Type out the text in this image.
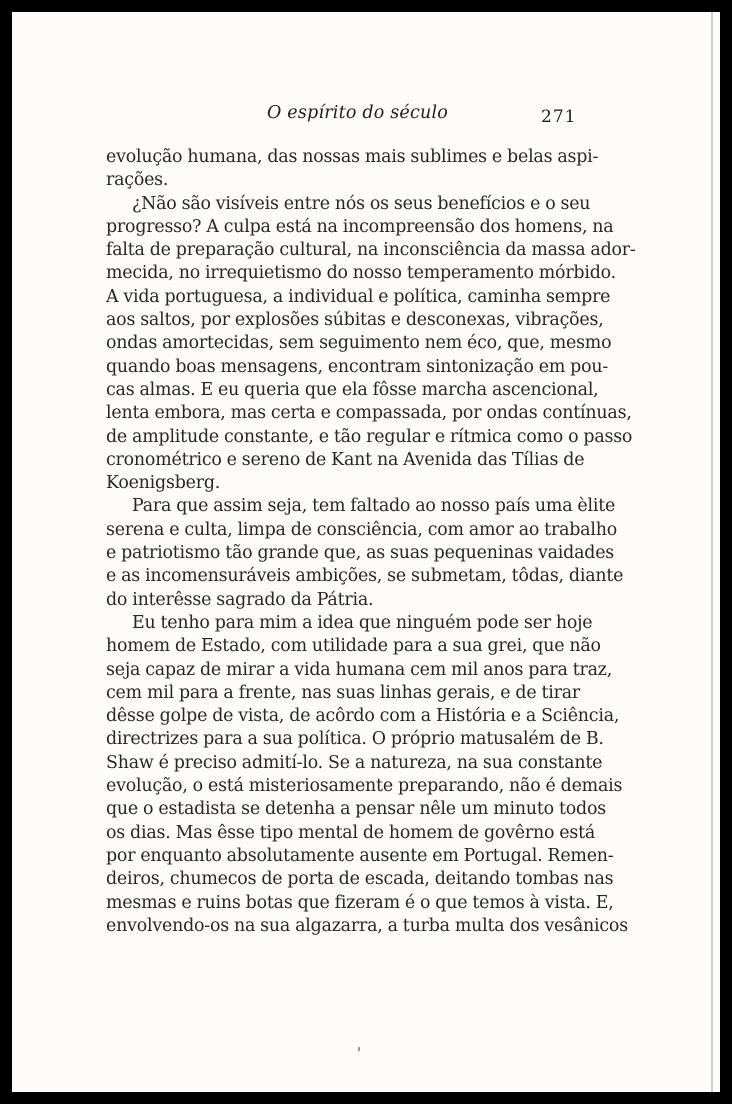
O espírito do século	271
evolução humana, das nossas mais sublimes e belas aspi-
rações.
¿Não são visíveis entre nós os seus benefícios e o seu
progresso? A culpa está na incompreensão dos homens, na
falta de preparação cultural, na inconsciência da massa ador-
mecida, no irrequietismo do nosso temperamento mórbido.
A vida portuguesa, a individual e política, caminha sempre
aos saltos, por explosões súbitas e desconexas, vibrações,
ondas amortecidas, sem seguimento nem éco, que, mesmo
quando boas mensagens, encontram sintonização em pou-
cas almas. E eu queria que ela fôsse marcha ascencional,
lenta embora, mas certa e compassada, por ondas contínuas,
de amplitude constante, e tão regular e rítmica como o passo
cronométrico e sereno de Kant na Avenida das Tílias de
Koenigsberg.
Para que assim seja, tem faltado ao nosso país uma èlite
serena e culta, limpa de consciência, com amor ao trabalho
e patriotismo tão grande que, as suas pequeninas vaidades
e as incomensuráveis ambições, se submetam, tôdas, diante
do interêsse sagrado da Pátria.
Eu tenho para mim a idea que ninguém pode ser hoje
homem de Estado, com utilidade para a sua grei, que não
seja capaz de mirar a vida humana cem mil anos para traz,
cem mil para a frente, nas suas linhas gerais, e de tirar
dêsse golpe de vista, de acôrdo com a História e a Sciência,
directrizes para a sua política. O próprio matusalém de B.
Shaw é preciso admití-lo. Se a natureza, na sua constante
evolução, o está misteriosamente preparando, não é demais
que o estadista se detenha a pensar nêle um minuto todos
os dias. Mas êsse tipo mental de homem de govêrno está
por enquanto absolutamente ausente em Portugal. Remen-
deiros, chumecos de porta de escada, deitando tombas nas
mesmas e ruins botas que fizeram é o que temos à vista. E,
envolvendo-os na sua algazarra, a turba multa dos vesânicos
